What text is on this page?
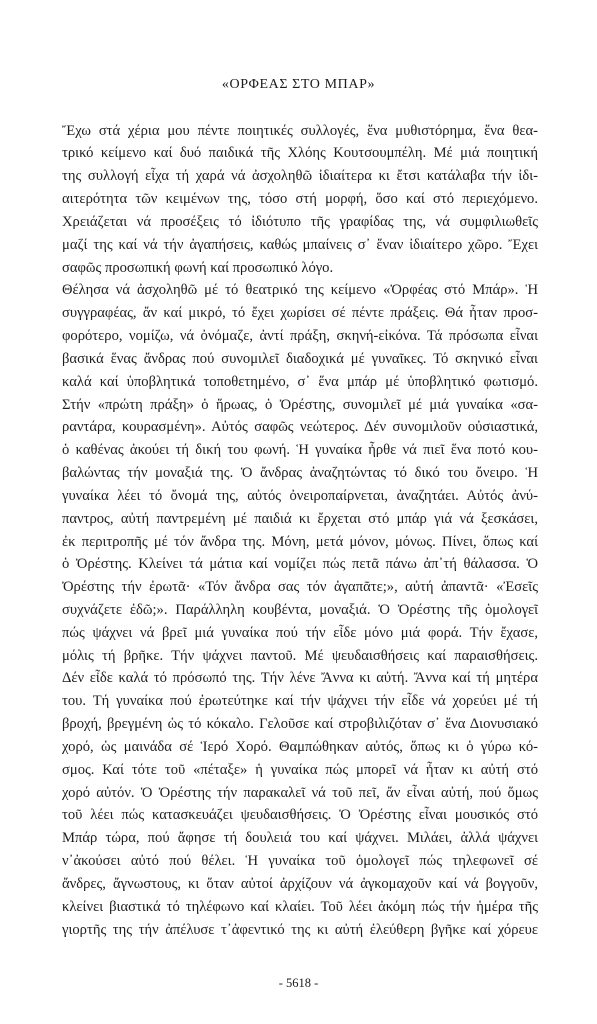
«ΟΡΦΕΑΣ ΣΤΟ ΜΠΑΡ»
Ἔχω στά χέρια μου πέντε ποιητικές συλλογές, ἕνα μυθιστόρημα, ἕνα θεα-
τρικό κείμενο καί δυό παιδικά τῆς Χλόης Κουτσουμπέλη. Μέ μιά ποιητική
της συλλογή εἶχα τή χαρά νά ἀσχοληθῶ ἰδιαίτερα κι ἔτσι κατάλαβα τήν ἰδι-
αιτερότητα τῶν κειμένων της, τόσο στή μορφή, ὅσο καί στό περιεχόμενο.
Χρειάζεται νά προσέξεις τό ἰδιότυπο τῆς γραφίδας της, νά συμφιλιωθεῖς
μαζί της καί νά τήν ἀγαπήσεις, καθώς μπαίνεις σ᾽ ἕναν ἰδιαίτερο χῶρο. Ἔχει
σαφῶς προσωπική φωνή καί προσωπικό λόγο.
Θέλησα νά ἀσχοληθῶ μέ τό θεατρικό της κείμενο «Ὀρφέας στό Μπάρ». Ἡ
συγγραφέας, ἄν καί μικρό, τό ἔχει χωρίσει σέ πέντε πράξεις. Θά ἦταν προσ-
φορότερο, νομίζω, νά ὀνόμαζε, ἀντί πράξη, σκηνή-εἰκόνα. Τά πρόσωπα εἶναι
βασικά ἕνας ἄνδρας πού συνομιλεῖ διαδοχικά μέ γυναῖκες. Τό σκηνικό εἶναι
καλά καί ὑποβλητικά τοποθετημένο, σ᾽ ἕνα μπάρ μέ ὑποβλητικό φωτισμό.
Στήν «πρώτη πράξη» ὁ ἥρωας, ὁ Ὀρέστης, συνομιλεῖ μέ μιά γυναίκα «σα-
ραντάρα, κουρασμένη». Αὐτός σαφῶς νεώτερος. Δέν συνομιλοῦν οὐσιαστικά,
ὁ καθένας ἀκούει τή δική του φωνή. Ἡ γυναίκα ἦρθε νά πιεῖ ἕνα ποτό κου-
βαλώντας τήν μοναξιά της. Ὁ ἄνδρας ἀναζητώντας τό δικό του ὄνειρο. Ἡ
γυναίκα λέει τό ὄνομά της, αὐτός ὀνειροπαίρνεται, ἀναζητάει. Αὐτός ἀνύ-
παντρος, αὐτή παντρεμένη μέ παιδιά κι ἔρχεται στό μπάρ γιά νά ξεσκάσει,
ἐκ περιτροπῆς μέ τόν ἄνδρα της. Μόνη, μετά μόνον, μόνως. Πίνει, ὅπως καί
ὁ Ὀρέστης. Κλείνει τά μάτια καί νομίζει πώς πετᾶ πάνω ἀπ᾽τή θάλασσα. Ὁ
Ὀρέστης τήν ἐρωτᾶ· «Τόν ἄνδρα σας τόν ἀγαπᾶτε;», αὐτή ἀπαντᾶ· «Ἐσεῖς
συχνάζετε ἐδῶ;». Παράλληλη κουβέντα, μοναξιά. Ὁ Ὀρέστης τῆς ὁμολογεῖ
πώς ψάχνει νά βρεῖ μιά γυναίκα πού τήν εἶδε μόνο μιά φορά. Τήν ἔχασε,
μόλις τή βρῆκε. Τήν ψάχνει παντοῦ. Μέ ψευδαισθήσεις καί παραισθήσεις.
Δέν εἶδε καλά τό πρόσωπό της. Τήν λένε Ἄννα κι αὐτή. Ἄννα καί τή μητέρα
του. Τή γυναίκα πού ἐρωτεύτηκε καί τήν ψάχνει τήν εἶδε νά χορεύει μέ τή
βροχή, βρεγμένη ὡς τό κόκαλο. Γελοῦσε καί στροβιλιζόταν σ᾽ ἕνα Διονυσιακό
χορό, ὡς μαινάδα σέ Ἱερό Χορό. Θαμπώθηκαν αὐτός, ὅπως κι ὁ γύρω κό-
σμος. Καί τότε τοῦ «πέταξε» ἡ γυναίκα πώς μπορεῖ νά ἦταν κι αὐτή στό
χορό αὐτόν. Ὁ Ὀρέστης τήν παρακαλεῖ νά τοῦ πεῖ, ἄν εἶναι αὐτή, πού ὅμως
τοῦ λέει πώς κατασκευάζει ψευδαισθήσεις. Ὁ Ὀρέστης εἶναι μουσικός στό
Μπάρ τώρα, πού ἄφησε τή δουλειά του καί ψάχνει. Μιλάει, ἀλλά ψάχνει
ν᾽ἀκούσει αὐτό πού θέλει. Ἡ γυναίκα τοῦ ὁμολογεῖ πώς τηλεφωνεῖ σέ
ἄνδρες, ἄγνωστους, κι ὅταν αὐτοί ἀρχίζουν νά ἀγκομαχοῦν καί νά βογγοῦν,
κλείνει βιαστικά τό τηλέφωνο καί κλαίει. Τοῦ λέει ἀκόμη πώς τήν ἡμέρα τῆς
γιορτῆς της τήν ἀπέλυσε τ᾽ἀφεντικό της κι αὐτή ἐλεύθερη βγῆκε καί χόρευε
- 5618 -
